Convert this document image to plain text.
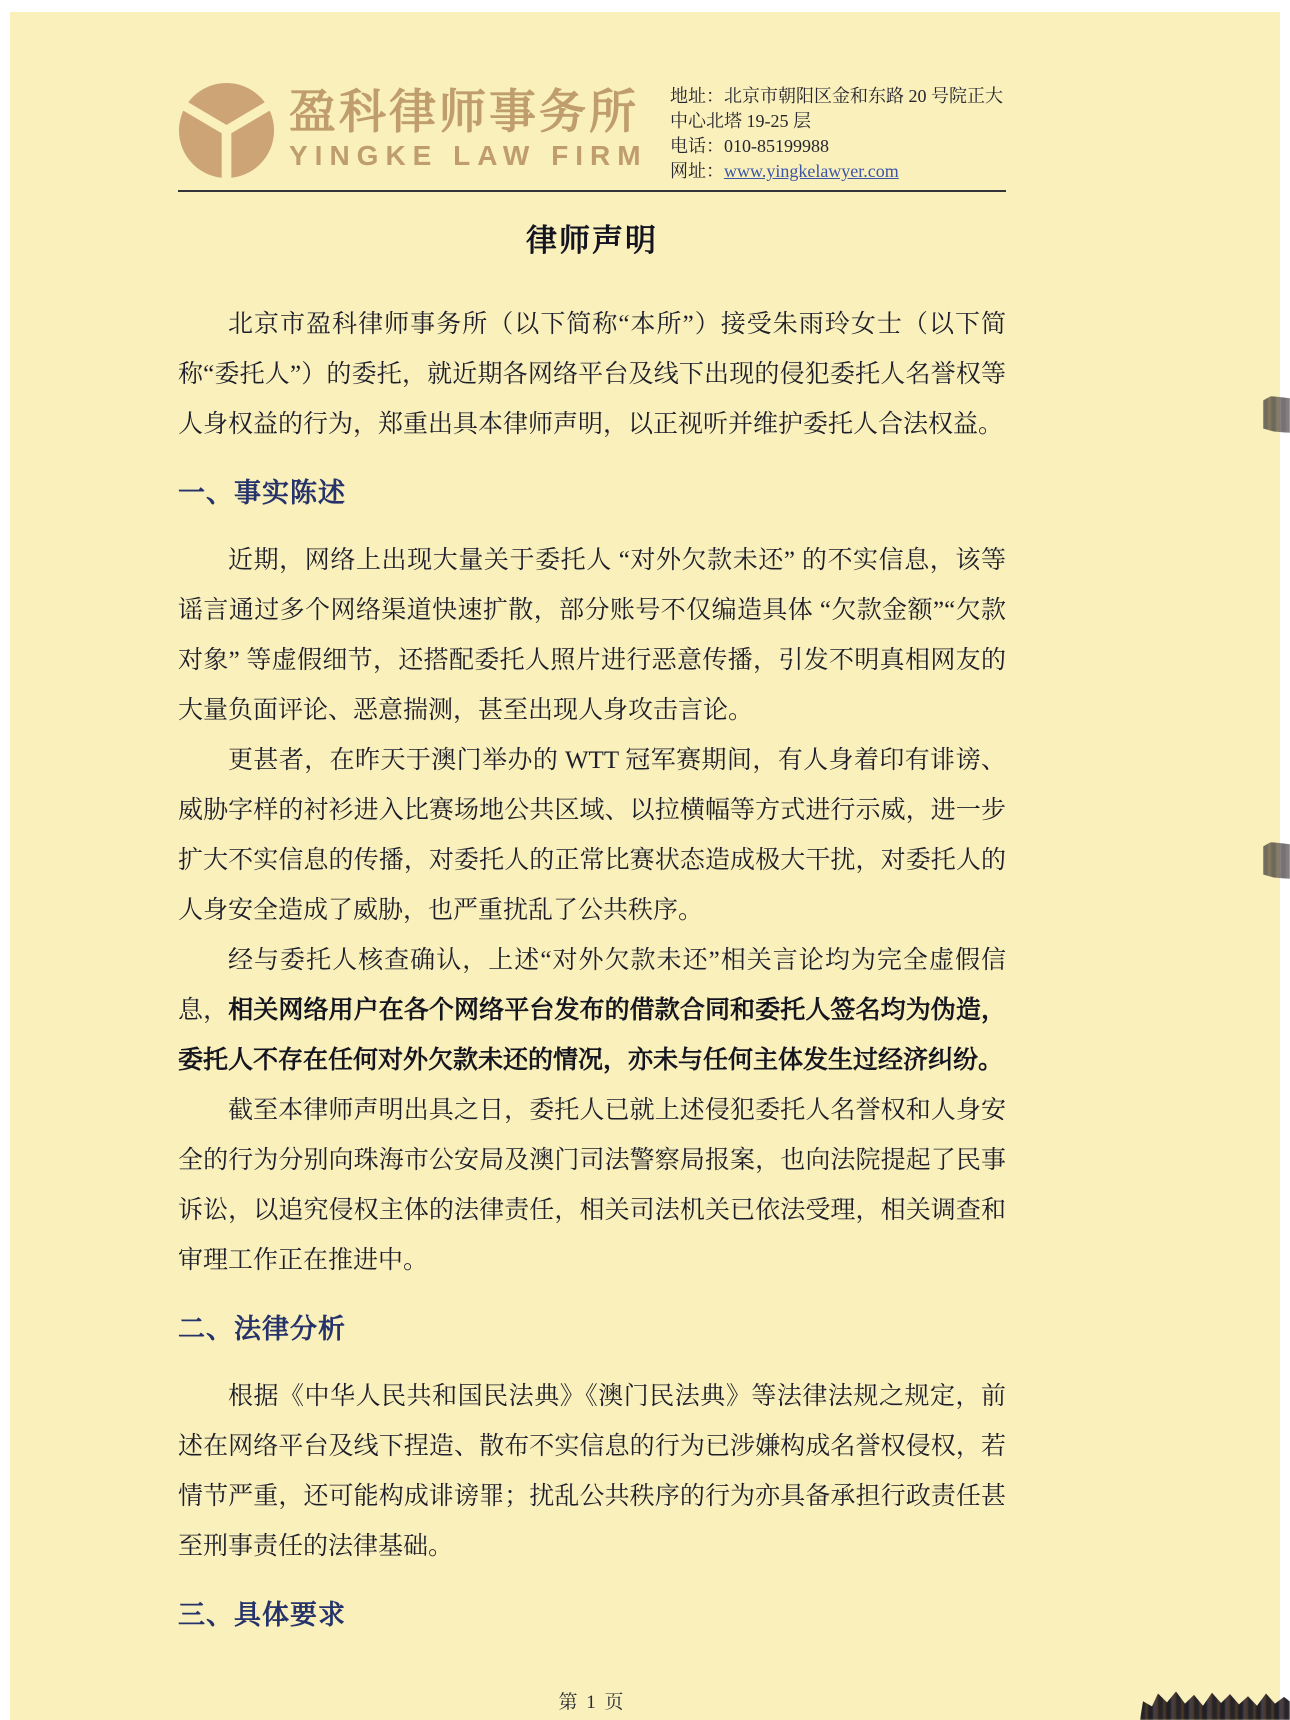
盈科律师事务所
YINGKE LAW FIRM
地址：北京市朝阳区金和东路 20 号院正大
中心北塔 19-25 层
电话：010-85199988
网址：www.yingkelawyer.com
律师声明

北京市盈科律师事务所（以下简称“本所”）接受朱雨玲女士（以下简称“委托人”）的委托，就近期各网络平台及线下出现的侵犯委托人名誉权等人身权益的行为，郑重出具本律师声明，以正视听并维护委托人合法权益。

一、事实陈述

近期，网络上出现大量关于委托人 “对外欠款未还” 的不实信息，该等谣言通过多个网络渠道快速扩散，部分账号不仅编造具体 “欠款金额”“欠款对象” 等虚假细节，还搭配委托人照片进行恶意传播，引发不明真相网友的大量负面评论、恶意揣测，甚至出现人身攻击言论。

更甚者，在昨天于澳门举办的 WTT 冠军赛期间，有人身着印有诽谤、威胁字样的衬衫进入比赛场地公共区域、以拉横幅等方式进行示威，进一步扩大不实信息的传播，对委托人的正常比赛状态造成极大干扰，对委托人的人身安全造成了威胁，也严重扰乱了公共秩序。

经与委托人核查确认，上述“对外欠款未还”相关言论均为完全虚假信息，相关网络用户在各个网络平台发布的借款合同和委托人签名均为伪造，委托人不存在任何对外欠款未还的情况，亦未与任何主体发生过经济纠纷。

截至本律师声明出具之日，委托人已就上述侵犯委托人名誉权和人身安全的行为分别向珠海市公安局及澳门司法警察局报案，也向法院提起了民事诉讼，以追究侵权主体的法律责任，相关司法机关已依法受理，相关调查和审理工作正在推进中。

二、法律分析

根据《中华人民共和国民法典》《澳门民法典》等法律法规之规定，前述在网络平台及线下捏造、散布不实信息的行为已涉嫌构成名誉权侵权，若情节严重，还可能构成诽谤罪；扰乱公共秩序的行为亦具备承担行政责任甚至刑事责任的法律基础。

三、具体要求
第 1 页
